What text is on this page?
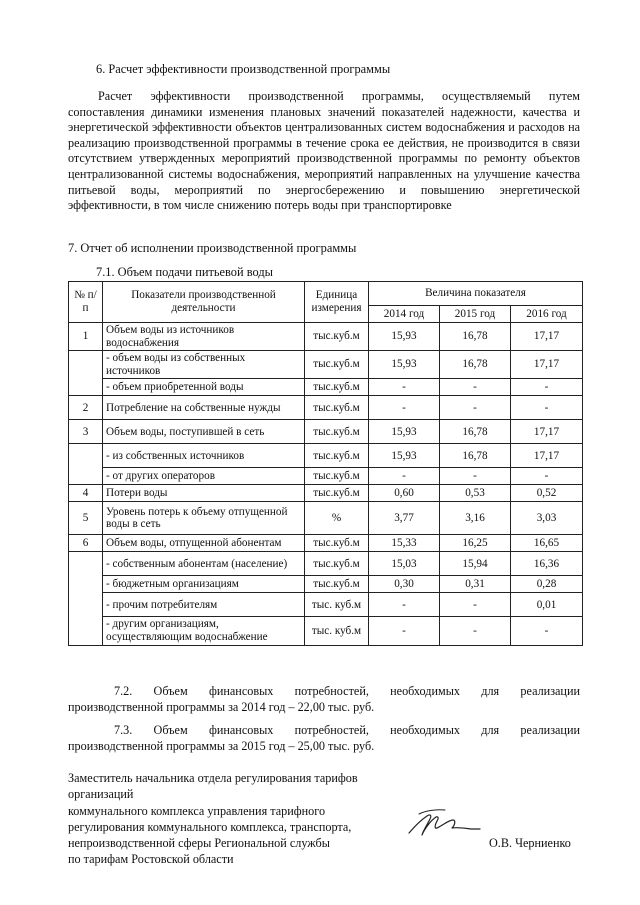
6. Расчет эффективности производственной программы
Расчет эффективности производственной программы, осуществляемый путем сопоставления динамики изменения плановых значений показателей надежности, качества и энергетической эффективности объектов централизованных систем водоснабжения и расходов на реализацию производственной программы в течение срока ее действия, не производится в связи отсутствием утвержденных мероприятий производственной программы по ремонту объектов централизованной системы водоснабжения, мероприятий направленных на улучшение качества питьевой воды, мероприятий по энергосбережению и повышению энергетической эффективности, в том числе снижению потерь воды при транспортировке
7. Отчет об исполнении производственной программы
7.1. Объем подачи питьевой воды
№ п/п	Показатели производственной деятельности	Единица измерения	Величина показателя		
			2014 год	2015 год	2016 год
1	Объем воды из источников водоснабжения	тыс.куб.м	15,93	16,78	17,17
	- объем воды из собственных источников	тыс.куб.м	15,93	16,78	17,17
	- объем приобретенной воды	тыс.куб.м	-	-	-
2	Потребление на собственные нужды	тыс.куб.м	-	-	-
3	Объем воды, поступившей в сеть	тыс.куб.м	15,93	16,78	17,17
	- из собственных источников	тыс.куб.м	15,93	16,78	17,17
	- от других операторов	тыс.куб.м	-	-	-
4	Потери воды	тыс.куб.м	0,60	0,53	0,52
5	Уровень потерь к объему отпущенной воды в сеть	%	3,77	3,16	3,03
6	Объем воды, отпущенной абонентам	тыс.куб.м	15,33	16,25	16,65
	- собственным абонентам (население)	тыс.куб.м	15,03	15,94	16,36
	- бюджетным организациям	тыс.куб.м	0,30	0,31	0,28
	- прочим потребителям	тыс. куб.м	-	-	0,01
	- другим организациям, осуществляющим водоснабжение	тыс. куб.м	-	-	-
7.2. Объем финансовых потребностей, необходимых для реализации
производственной программы за 2014 год – 22,00 тыс. руб.
7.3. Объем финансовых потребностей, необходимых для реализации
производственной программы за 2015 год – 25,00 тыс. руб.
Заместитель начальника отдела регулирования тарифов организаций
коммунального комплекса управления тарифного
регулирования коммунального комплекса, транспорта,
непроизводственной сферы Региональной службы
по тарифам Ростовской области
О.В. Черниенко
